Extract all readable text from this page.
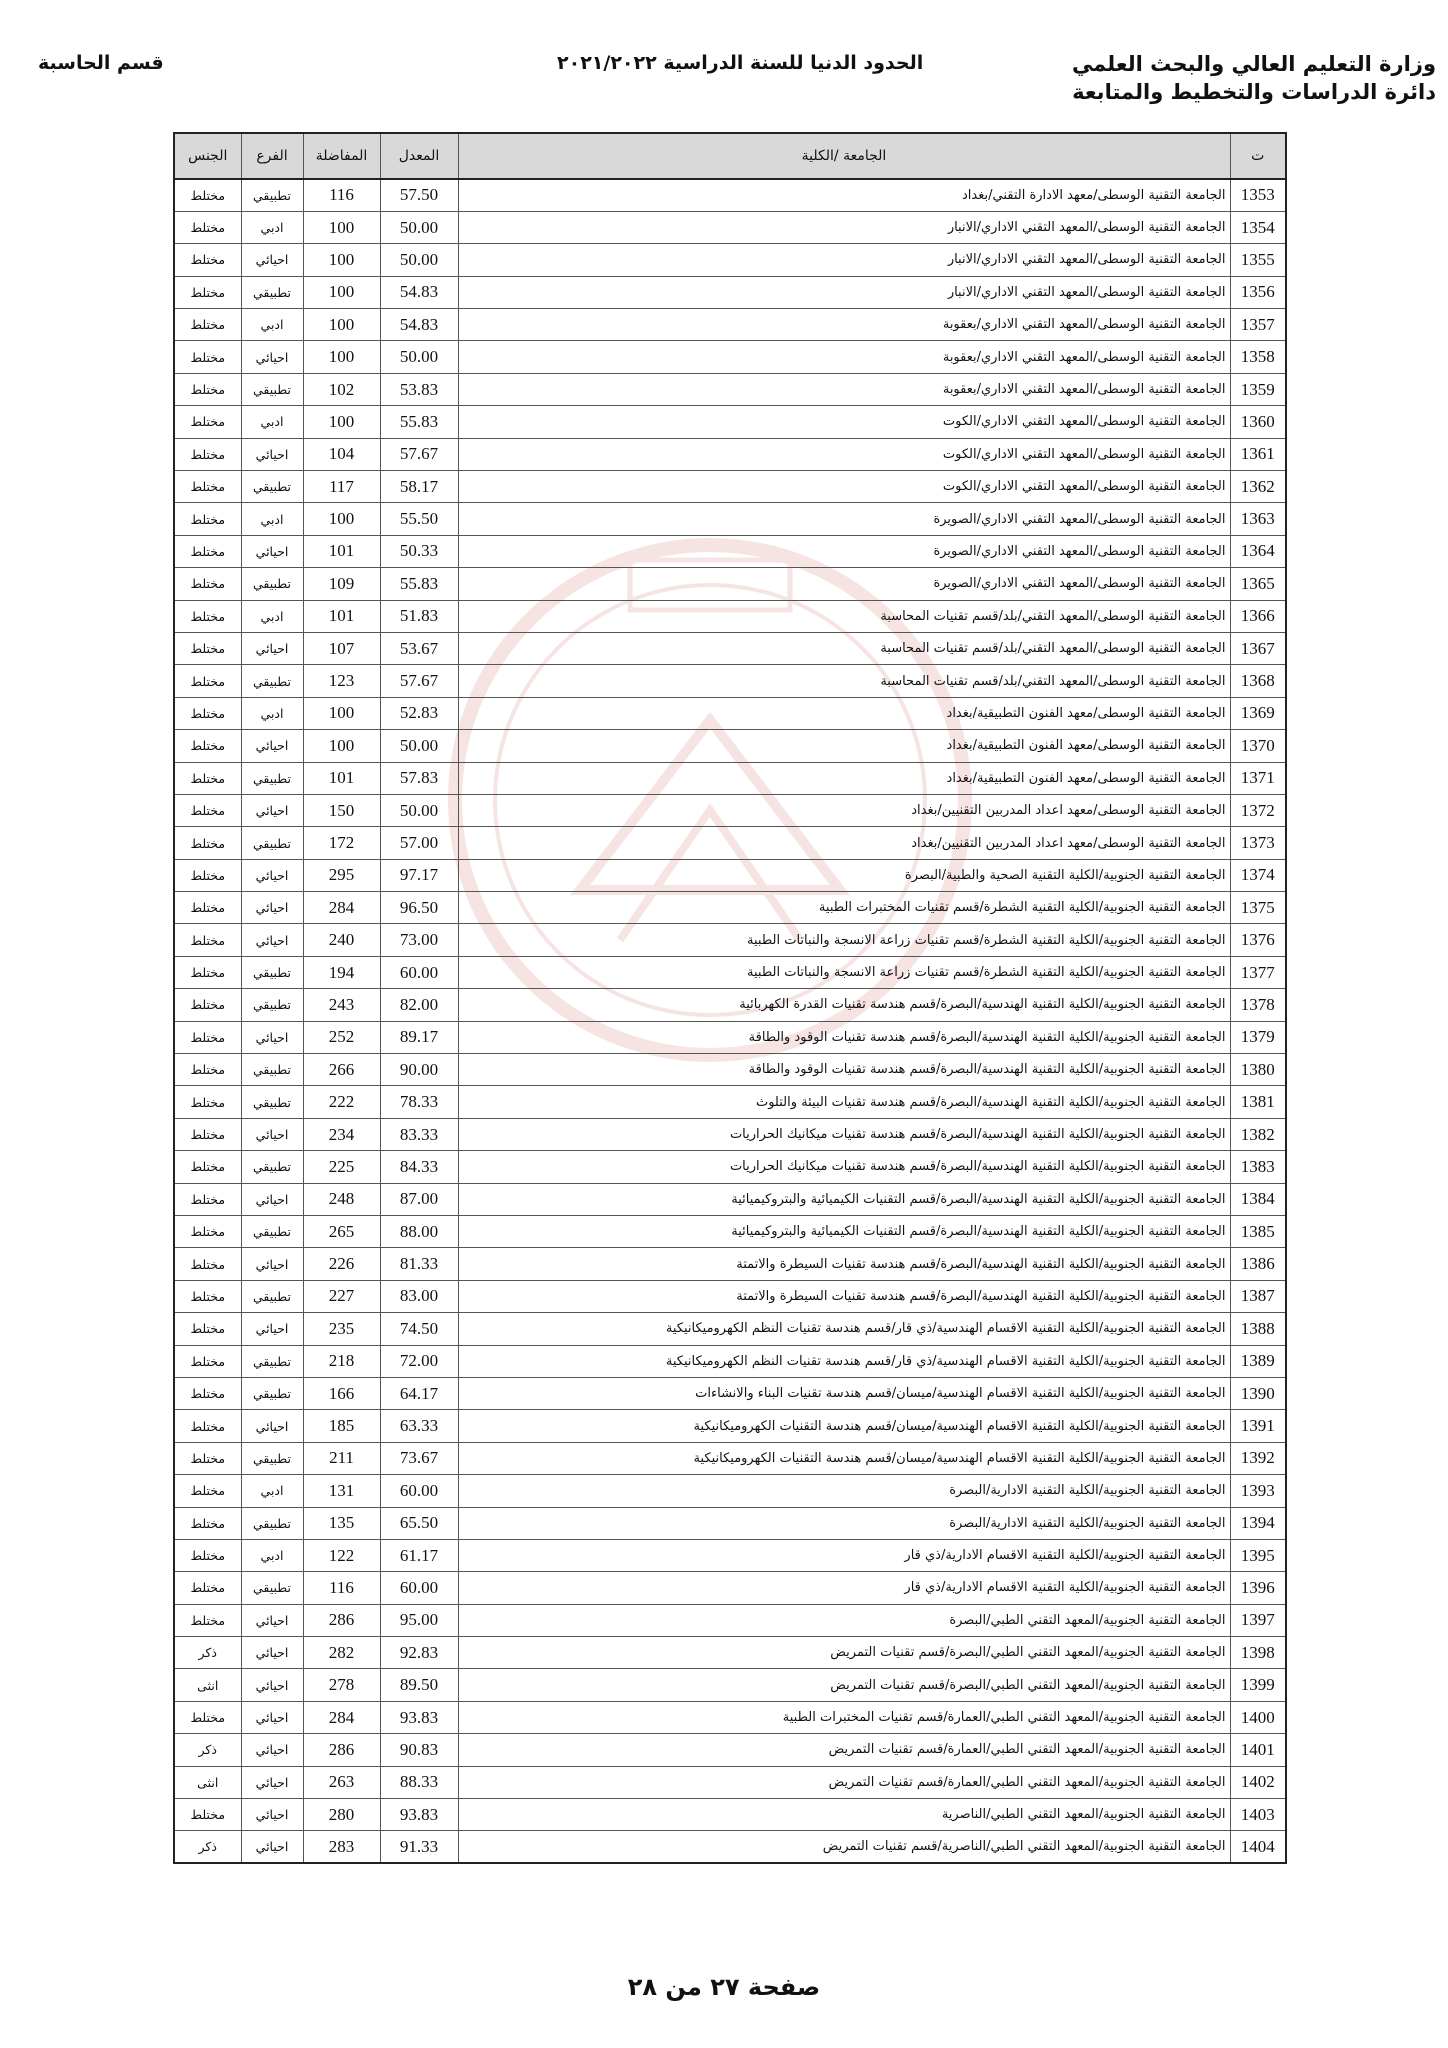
وزارة التعليم العالي والبحث العلمي
دائرة الدراسات والتخطيط والمتابعة
الحدود الدنيا للسنة الدراسية ٢٠٢١/٢٠٢٢
قسم الحاسبة
ت	الجامعة /الكلية	المعدل	المفاضلة	الفرع	الجنس
1353	الجامعة التقنية الوسطى/معهد الادارة التقني/بغداد	57.50	116	تطبيقي	مختلط
1354	الجامعة التقنية الوسطى/المعهد التقني الاداري/الانبار	50.00	100	ادبي	مختلط
1355	الجامعة التقنية الوسطى/المعهد التقني الاداري/الانبار	50.00	100	احيائي	مختلط
1356	الجامعة التقنية الوسطى/المعهد التقني الاداري/الانبار	54.83	100	تطبيقي	مختلط
1357	الجامعة التقنية الوسطى/المعهد التقني الاداري/بعقوبة	54.83	100	ادبي	مختلط
1358	الجامعة التقنية الوسطى/المعهد التقني الاداري/بعقوبة	50.00	100	احيائي	مختلط
1359	الجامعة التقنية الوسطى/المعهد التقني الاداري/بعقوبة	53.83	102	تطبيقي	مختلط
1360	الجامعة التقنية الوسطى/المعهد التقني الاداري/الكوت	55.83	100	ادبي	مختلط
1361	الجامعة التقنية الوسطى/المعهد التقني الاداري/الكوت	57.67	104	احيائي	مختلط
1362	الجامعة التقنية الوسطى/المعهد التقني الاداري/الكوت	58.17	117	تطبيقي	مختلط
1363	الجامعة التقنية الوسطى/المعهد التقني الاداري/الصويرة	55.50	100	ادبي	مختلط
1364	الجامعة التقنية الوسطى/المعهد التقني الاداري/الصويرة	50.33	101	احيائي	مختلط
1365	الجامعة التقنية الوسطى/المعهد التقني الاداري/الصويرة	55.83	109	تطبيقي	مختلط
1366	الجامعة التقنية الوسطى/المعهد التقني/بلد/قسم تقنيات المحاسبة	51.83	101	ادبي	مختلط
1367	الجامعة التقنية الوسطى/المعهد التقني/بلد/قسم تقنيات المحاسبة	53.67	107	احيائي	مختلط
1368	الجامعة التقنية الوسطى/المعهد التقني/بلد/قسم تقنيات المحاسبة	57.67	123	تطبيقي	مختلط
1369	الجامعة التقنية الوسطى/معهد الفنون التطبيقية/بغداد	52.83	100	ادبي	مختلط
1370	الجامعة التقنية الوسطى/معهد الفنون التطبيقية/بغداد	50.00	100	احيائي	مختلط
1371	الجامعة التقنية الوسطى/معهد الفنون التطبيقية/بغداد	57.83	101	تطبيقي	مختلط
1372	الجامعة التقنية الوسطى/معهد اعداد المدربين التقنيين/بغداد	50.00	150	احيائي	مختلط
1373	الجامعة التقنية الوسطى/معهد اعداد المدربين التقنيين/بغداد	57.00	172	تطبيقي	مختلط
1374	الجامعة التقنية الجنوبية/الكلية التقنية الصحية والطبية/البصرة	97.17	295	احيائي	مختلط
1375	الجامعة التقنية الجنوبية/الكلية التقنية الشطرة/قسم تقنيات المختبرات الطبية	96.50	284	احيائي	مختلط
1376	الجامعة التقنية الجنوبية/الكلية التقنية الشطرة/قسم تقنيات زراعة الانسجة والنباتات الطبية	73.00	240	احيائي	مختلط
1377	الجامعة التقنية الجنوبية/الكلية التقنية الشطرة/قسم تقنيات زراعة الانسجة والنباتات الطبية	60.00	194	تطبيقي	مختلط
1378	الجامعة التقنية الجنوبية/الكلية التقنية الهندسية/البصرة/قسم هندسة تقنيات القدرة الكهربائية	82.00	243	تطبيقي	مختلط
1379	الجامعة التقنية الجنوبية/الكلية التقنية الهندسية/البصرة/قسم هندسة تقنيات الوقود والطاقة	89.17	252	احيائي	مختلط
1380	الجامعة التقنية الجنوبية/الكلية التقنية الهندسية/البصرة/قسم هندسة تقنيات الوقود والطاقة	90.00	266	تطبيقي	مختلط
1381	الجامعة التقنية الجنوبية/الكلية التقنية الهندسية/البصرة/قسم هندسة تقنيات البيئة والتلوث	78.33	222	تطبيقي	مختلط
1382	الجامعة التقنية الجنوبية/الكلية التقنية الهندسية/البصرة/قسم هندسة تقنيات ميكانيك الحراريات	83.33	234	احيائي	مختلط
1383	الجامعة التقنية الجنوبية/الكلية التقنية الهندسية/البصرة/قسم هندسة تقنيات ميكانيك الحراريات	84.33	225	تطبيقي	مختلط
1384	الجامعة التقنية الجنوبية/الكلية التقنية الهندسية/البصرة/قسم التقنيات الكيميائية والبتروكيميائية	87.00	248	احيائي	مختلط
1385	الجامعة التقنية الجنوبية/الكلية التقنية الهندسية/البصرة/قسم التقنيات الكيميائية والبتروكيميائية	88.00	265	تطبيقي	مختلط
1386	الجامعة التقنية الجنوبية/الكلية التقنية الهندسية/البصرة/قسم هندسة تقنيات السيطرة والاتمتة	81.33	226	احيائي	مختلط
1387	الجامعة التقنية الجنوبية/الكلية التقنية الهندسية/البصرة/قسم هندسة تقنيات السيطرة والاتمتة	83.00	227	تطبيقي	مختلط
1388	الجامعة التقنية الجنوبية/الكلية التقنية الاقسام الهندسية/ذي قار/قسم هندسة تقنيات النظم الكهروميكانيكية	74.50	235	احيائي	مختلط
1389	الجامعة التقنية الجنوبية/الكلية التقنية الاقسام الهندسية/ذي قار/قسم هندسة تقنيات النظم الكهروميكانيكية	72.00	218	تطبيقي	مختلط
1390	الجامعة التقنية الجنوبية/الكلية التقنية الاقسام الهندسية/ميسان/قسم هندسة تقنيات البناء والانشاءات	64.17	166	تطبيقي	مختلط
1391	الجامعة التقنية الجنوبية/الكلية التقنية الاقسام الهندسية/ميسان/قسم هندسة التقنيات الكهروميكانيكية	63.33	185	احيائي	مختلط
1392	الجامعة التقنية الجنوبية/الكلية التقنية الاقسام الهندسية/ميسان/قسم هندسة التقنيات الكهروميكانيكية	73.67	211	تطبيقي	مختلط
1393	الجامعة التقنية الجنوبية/الكلية التقنية الادارية/البصرة	60.00	131	ادبي	مختلط
1394	الجامعة التقنية الجنوبية/الكلية التقنية الادارية/البصرة	65.50	135	تطبيقي	مختلط
1395	الجامعة التقنية الجنوبية/الكلية التقنية الاقسام الادارية/ذي قار	61.17	122	ادبي	مختلط
1396	الجامعة التقنية الجنوبية/الكلية التقنية الاقسام الادارية/ذي قار	60.00	116	تطبيقي	مختلط
1397	الجامعة التقنية الجنوبية/المعهد التقني الطبي/البصرة	95.00	286	احيائي	مختلط
1398	الجامعة التقنية الجنوبية/المعهد التقني الطبي/البصرة/قسم تقنيات التمريض	92.83	282	احيائي	ذكر
1399	الجامعة التقنية الجنوبية/المعهد التقني الطبي/البصرة/قسم تقنيات التمريض	89.50	278	احيائي	انثى
1400	الجامعة التقنية الجنوبية/المعهد التقني الطبي/العمارة/قسم تقنيات المختبرات الطبية	93.83	284	احيائي	مختلط
1401	الجامعة التقنية الجنوبية/المعهد التقني الطبي/العمارة/قسم تقنيات التمريض	90.83	286	احيائي	ذكر
1402	الجامعة التقنية الجنوبية/المعهد التقني الطبي/العمارة/قسم تقنيات التمريض	88.33	263	احيائي	انثى
1403	الجامعة التقنية الجنوبية/المعهد التقني الطبي/الناصرية	93.83	280	احيائي	مختلط
1404	الجامعة التقنية الجنوبية/المعهد التقني الطبي/الناصرية/قسم تقنيات التمريض	91.33	283	احيائي	ذكر
صفحة ٢٧ من ٢٨
